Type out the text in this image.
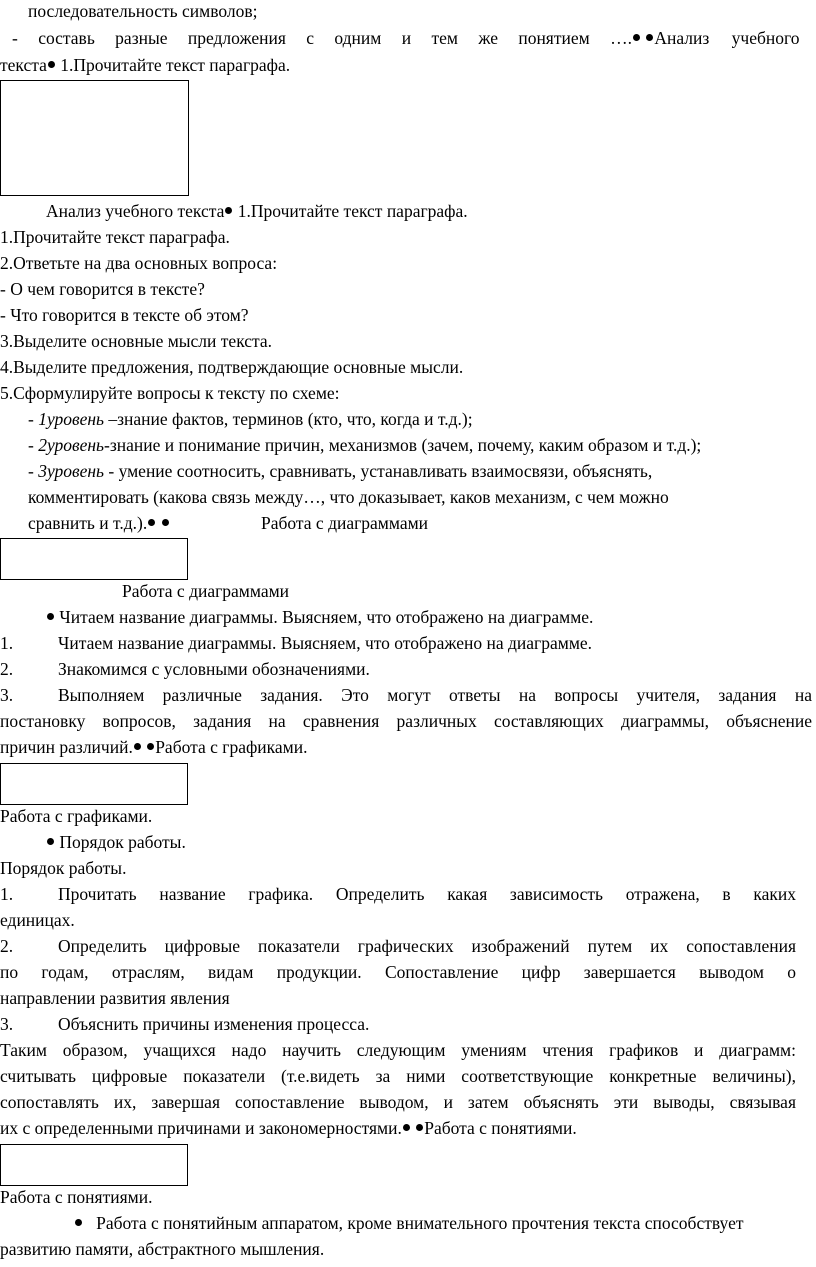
последовательность символов;
- составь разные предложения с одним и тем же понятием …. Анализ учебного
текста 1.Прочитайте текст параграфа.
Анализ учебного текста 1.Прочитайте текст параграфа.
1.Прочитайте текст параграфа.
2.Ответьте на два основных вопроса:
- О чем говорится в тексте?
- Что говорится в тексте об этом?
3.Выделите основные мысли текста.
4.Выделите предложения, подтверждающие основные мысли.
5.Сформулируйте вопросы к тексту по схеме:
- 1уровень –знание фактов, терминов (кто, что, когда и т.д.);
- 2уровень-знание и понимание причин, механизмов (зачем, почему, каким образом и т.д.);
- 3уровень - умение соотносить, сравнивать, устанавливать взаимосвязи, объяснять,
комментировать (какова связь между…, что доказывает, каков механизм, с чем можно
сравнить и т.д.).	Работа с диаграммами
Работа с диаграммами
Читаем название диаграммы. Выясняем, что отображено на диаграмме.
1.	Читаем название диаграммы. Выясняем, что отображено на диаграмме.
2.	Знакомимся с условными обозначениями.
3.	Выполняем различные задания. Это могут ответы на вопросы учителя, задания на
постановку вопросов, задания на сравнения различных составляющих диаграммы, объяснение
причин различий. Работа с графиками.
Работа с графиками.
Порядок работы.
Порядок работы.
1.	Прочитать название графика. Определить какая зависимость отражена, в каких
единицах.
2.	Определить цифровые показатели графических изображений путем их сопоставления
по годам, отраслям, видам продукции. Сопоставление цифр завершается выводом о
направлении развития явления
3.	Объяснить причины изменения процесса.
Таким образом, учащихся надо научить следующим умениям чтения графиков и диаграмм:
считывать цифровые показатели (т.е.видеть за ними соответствующие конкретные величины),
сопоставлять их, завершая сопоставление выводом, и затем объяснять эти выводы, связывая
их с определенными причинами и закономерностями. Работа с понятиями.
Работа с понятиями.
Работа с понятийным аппаратом, кроме внимательного прочтения текста способствует
развитию памяти, абстрактного мышления.
